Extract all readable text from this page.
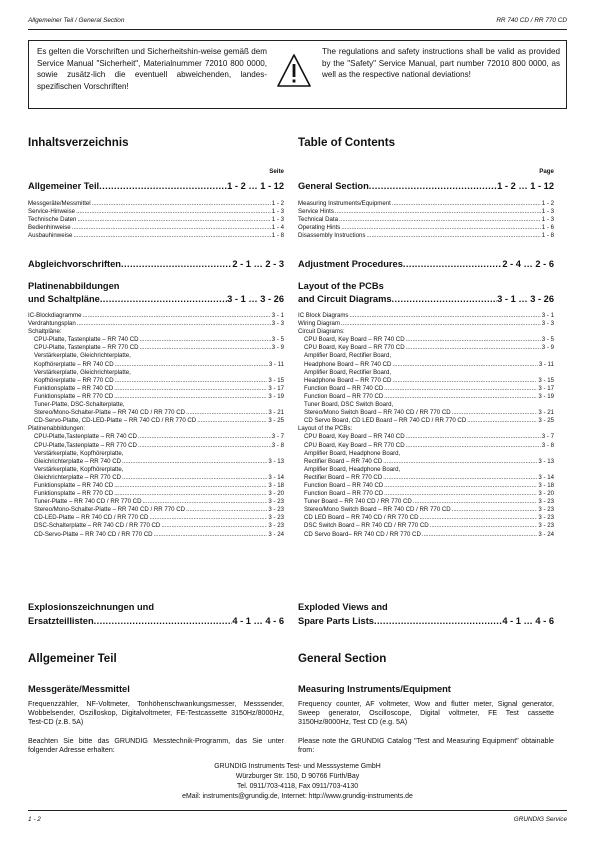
Allgemeiner Teil / General Section	RR 740 CD / RR 770 CD
Es gelten die Vorschriften und Sicherheitshin-weise gemäß dem Service Manual "Sicherheit", Materialnummer 72010 800 0000, sowie zusätz-lich die eventuell abweichenden, landes-spezifischen Vorschriften!
The regulations and safety instructions shall be valid as provided by the "Safety" Service Manual, part number 72010 800 0000, as well as the respective national deviations!
Inhaltsverzeichnis
Seite
Allgemeiner Teil .....	1 - 2 … 1 - 12
Messgeräte/Messmittel .....	1 - 2
Service-Hinweise .....	1 - 3
Technische Daten .....	1 - 3
Bedienhinweise .....	1 - 4
Ausbauhinweise .....	1 - 8
Abgleichvorschriften .....	2 - 1 … 2 - 3
Platinenabbildungen
und Schaltpläne .....	3 - 1 … 3 - 26
IC-Blockdiagramme .....	3 - 1
Verdrahtungsplan .....	3 - 3
Schaltpläne:
CPU-Platte, Tastenplatte – RR 740 CD .....	3 - 5
CPU-Platte, Tastenplatte – RR 770 CD .....	3 - 9
Verstärkerplatte, Gleichrichterplatte,
Kopfhörerplatte – RR 740 CD .....	3 - 11
Verstärkerplatte, Gleichrichterplatte,
Kopfhörerplatte – RR 770 CD .....	3 - 15
Funktionsplatte – RR 740 CD .....	3 - 17
Funktionsplatte – RR 770 CD .....	3 - 19
Tuner-Platte, DSC-Schalterplatte,
Stereo/Mono-Schalter-Platte – RR 740 CD / RR 770 CD .....	3 - 21
CD-Servo-Platte, CD-LED-Platte – RR 740 CD / RR 770 CD .....	3 - 25
Platinenabbildungen:
CPU-Platte,Tastenplatte – RR 740 CD .....	3 - 7
CPU-Platte,Tastenplatte – RR 770 CD .....	3 - 8
Verstärkerplatte, Kopfhörerplatte,
Gleichrichterplatte – RR 740 CD .....	3 - 13
Verstärkerplatte, Kopfhörerplatte,
Gleichrichterplatte – RR 770 CD .....	3 - 14
Funktionsplatte – RR 740 CD .....	3 - 18
Funktionsplatte – RR 770 CD .....	3 - 20
Tuner-Platte – RR 740 CD / RR 770 CD .....	3 - 23
Stereo/Mono-Schalter-Platte – RR 740 CD / RR 770 CD .....	3 - 23
CD-LED-Platte – RR 740 CD / RR 770 CD .....	3 - 23
DSC-Schalterplatte – RR 740 CD / RR 770 CD .....	3 - 23
CD-Servo-Platte – RR 740 CD / RR 770 CD .....	3 - 24
Explosionszeichnungen und
Ersatzteillisten .....	4 - 1 … 4 - 6
Allgemeiner Teil
Messgeräte/Messmittel
Frequenzzähler, NF-Voltmeter, Tonhöhenschwankungsmesser, Messsender, Wobbelsender, Oszilloskop, Digitalvoltmeter, FE-Testcassette 3150Hz/8000Hz, Test-CD (z.B. 5A)
Beachten Sie bitte das GRUNDIG Messtechnik-Programm, das Sie unter folgender Adresse erhalten:
Table of Contents
Page
General Section .....	1 - 2 … 1 - 12
Measuring Instruments/Equipment .....	1 - 2
Service Hints .....	1 - 3
Technical Data .....	1 - 3
Operating Hints .....	1 - 6
Disassembly Instructions .....	1 - 8
Adjustment Procedures .....	2 - 4 … 2 - 6
Layout of the PCBs
and Circuit Diagrams .....	3 - 1 … 3 - 26
IC Block Diagrams .....	3 - 1
Wiring Diagram .....	3 - 3
Circuit Diagrams:
CPU Board, Key Board – RR 740 CD .....	3 - 5
CPU Board, Key Board – RR 770 CD .....	3 - 9
Amplifier Board, Rectifier Board,
Headphone Board – RR 740 CD .....	3 - 11
Amplifier Board, Rectifier Board,
Headphone Board – RR 770 CD .....	3 - 15
Function Board – RR 740 CD .....	3 - 17
Function Board – RR 770 CD .....	3 - 19
Tuner Board, DSC Switch Board,
Stereo/Mono Switch Board – RR 740 CD / RR 770 CD .....	3 - 21
CD Servo Board, CD LED Board – RR 740 CD / RR 770 CD .....	3 - 25
Layout of the PCBs:
CPU Board, Key Board – RR 740 CD .....	3 - 7
CPU Board, Key Board – RR 770 CD .....	3 - 8
Amplifier Board, Headphone Board,
Rectifier Board – RR 740 CD .....	3 - 13
Amplifier Board, Headphone Board,
Rectifier Board – RR 770 CD .....	3 - 14
Function Board – RR 740 CD .....	3 - 18
Function Board – RR 770 CD .....	3 - 20
Tuner Board – RR 740 CD / RR 770 CD .....	3 - 23
Stereo/Mono Switch Board – RR 740 CD / RR 770 CD .....	3 - 23
CD LED Board – RR 740 CD / RR 770 CD .....	3 - 23
DSC Switch Board – RR 740 CD / RR 770 CD .....	3 - 23
CD Servo Board– RR 740 CD / RR 770 CD .....	3 - 24
Exploded Views and
Spare Parts Lists .....	4 - 1 … 4 - 6
General Section
Measuring Instruments/Equipment
Frequency counter, AF voltmeter, Wow and flutter meter, Signal generator, Sweep generator, Oscilloscope, Digital voltmeter, FE Test cassette 3150Hz/8000Hz, Test CD (e.g. 5A)
Please note the GRUNDIG Catalog "Test and Measuring Equipment" obtainable from:
GRUNDIG Instruments Test- und Messsysteme GmbH
Würzburger Str. 150, D 90766 Fürth/Bay
Tel. 0911/703-4118, Fax 0911/703-4130
eMail: instruments@grundig.de, Internet: http://www.grundig-instruments.de
1 - 2	GRUNDIG Service
